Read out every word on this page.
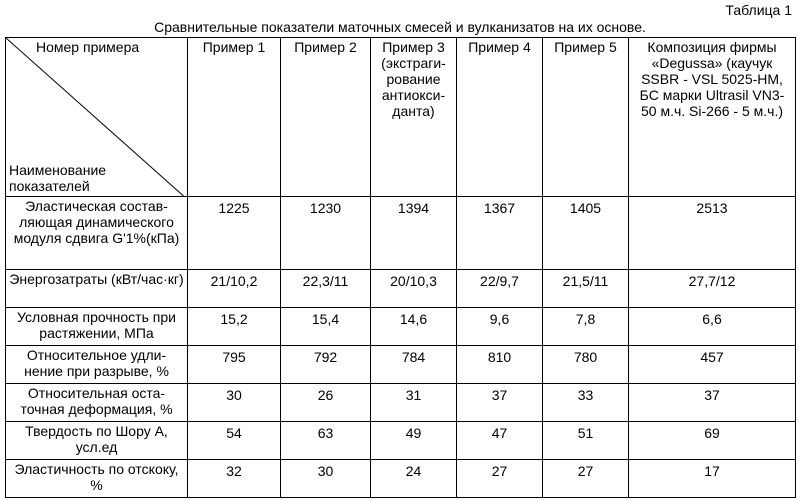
Таблица 1
Сравнительные показатели маточных смесей и вулканизатов на их основе.
Номер примера
Наименование
показателей	Пример 1	Пример 2	Пример 3 (экстраги-рование антиокси-данта)	Пример 4	Пример 5	Композиция фирмы «Degussa» (каучук SSBR - VSL 5025-HM, БС марки Ultrasil VN3-50 м.ч. Si-266 - 5 м.ч.)
Эластическая состав-ляющая динамического модуля сдвига G'1%(кПа)	1225	1230	1394	1367	1405	2513
Энергозатраты (кВт/час·кг)	21/10,2	22,3/11	20/10,3	22/9,7	21,5/11	27,7/12
Условная прочность при растяжении, МПа	15,2	15,4	14,6	9,6	7,8	6,6
Относительное удли-нение при разрыве, %	795	792	784	810	780	457
Относительная оста-точная деформация, %	30	26	31	37	33	37
Твердость по Шору А, усл.ед	54	63	49	47	51	69
Эластичность по отскоку, %	32	30	24	27	27	17
